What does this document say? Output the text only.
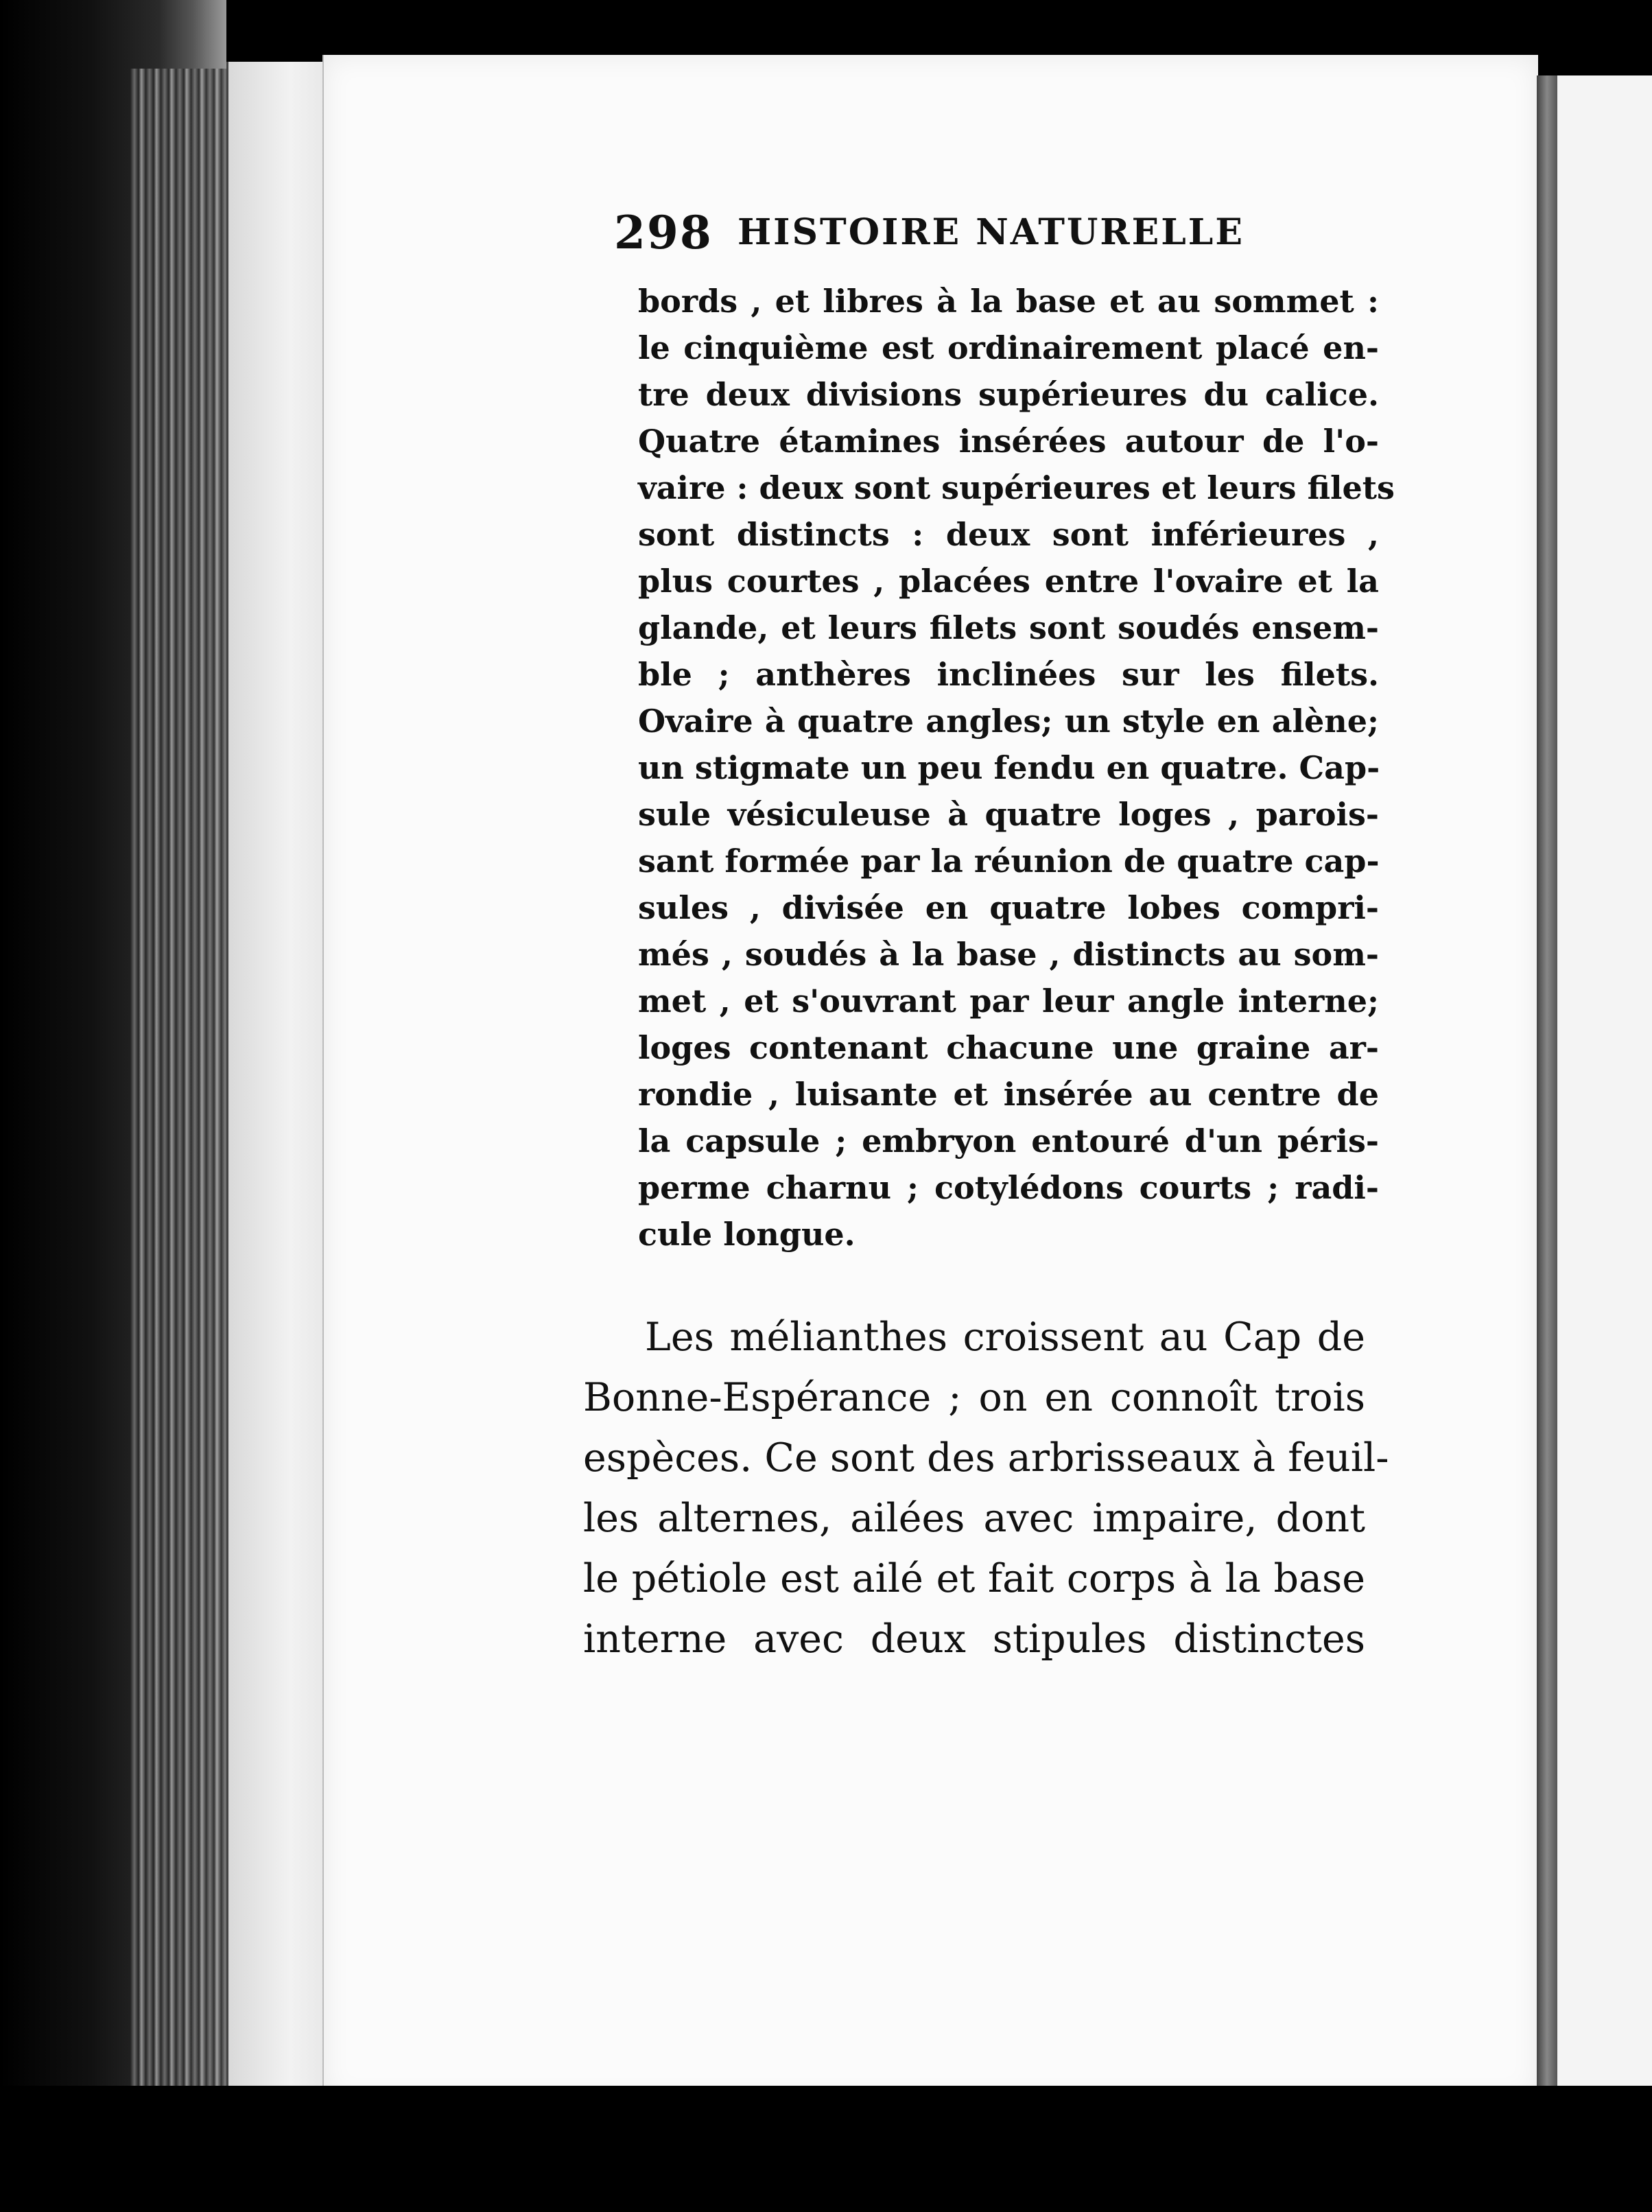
298 HISTOIRE NATURELLE
bords , et libres à la base et au sommet :
le cinquième est ordinairement placé en-
tre deux divisions supérieures du calice.
Quatre étamines insérées autour de l'o-
vaire : deux sont supérieures et leurs filets
sont distincts : deux sont inférieures ,
plus courtes , placées entre l'ovaire et la
glande, et leurs filets sont soudés ensem-
ble ; anthères inclinées sur les filets.
Ovaire à quatre angles; un style en alène;
un stigmate un peu fendu en quatre. Cap-
sule vésiculeuse à quatre loges , parois-
sant formée par la réunion de quatre cap-
sules , divisée en quatre lobes compri-
més , soudés à la base , distincts au som-
met , et s'ouvrant par leur angle interne;
loges contenant chacune une graine ar-
rondie , luisante et insérée au centre de
la capsule ; embryon entouré d'un péris-
perme charnu ; cotylédons courts ; radi-
cule longue.
Les mélianthes croissent au Cap de
Bonne-Espérance ; on en connoît trois
espèces. Ce sont des arbrisseaux à feuil-
les alternes, ailées avec impaire, dont
le pétiole est ailé et fait corps à la base
interne avec deux stipules distinctes
